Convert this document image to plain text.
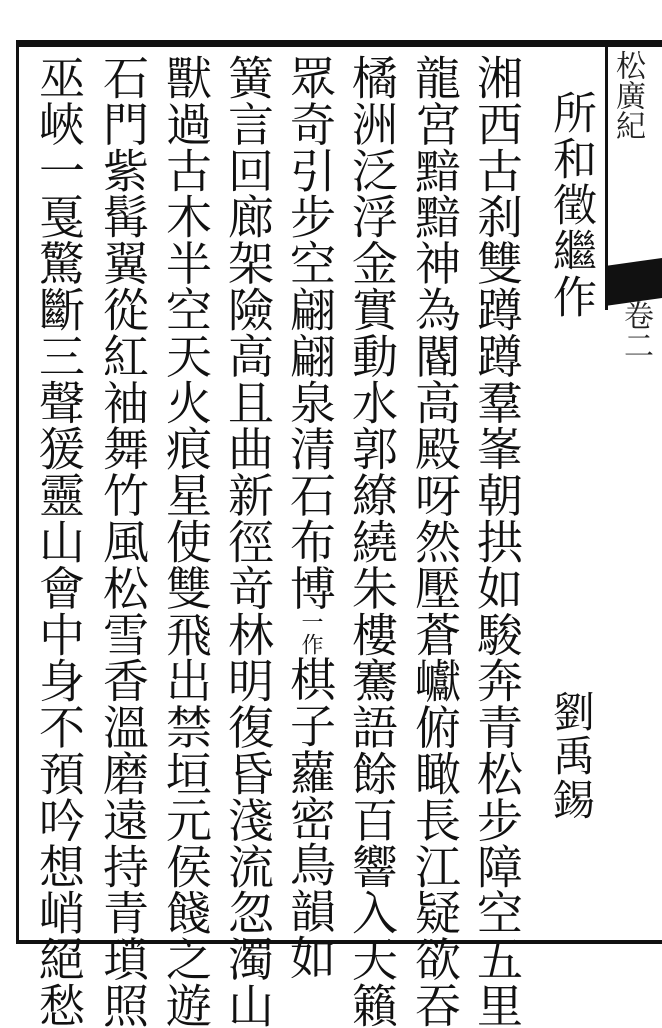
松廣紀
卷二
所和徵繼作
劉禹錫
湘西古刹雙蹲蹲羣峯朝拱如駿奔青松步障空五里
龍宮黯黯神為閽高殿呀然壓蒼巘俯瞰長江疑欲吞
橘洲泛浮金實動水郭繚繞朱樓騫語餘百響入天籟
眾奇引步空翩翩泉清石布博一作棋子蘿密鳥韻如
簧言回廊架險高且曲新徑竒林明復昏淺流忽濁山
獸過古木半空天火痕星使雙飛出禁垣元侯餞之遊
石門紫髯翼從紅袖舞竹風松雪香溫磨遠持青瑣照
巫峽一戛驚斷三聲猨靈山會中身不預吟想峭絕愁
